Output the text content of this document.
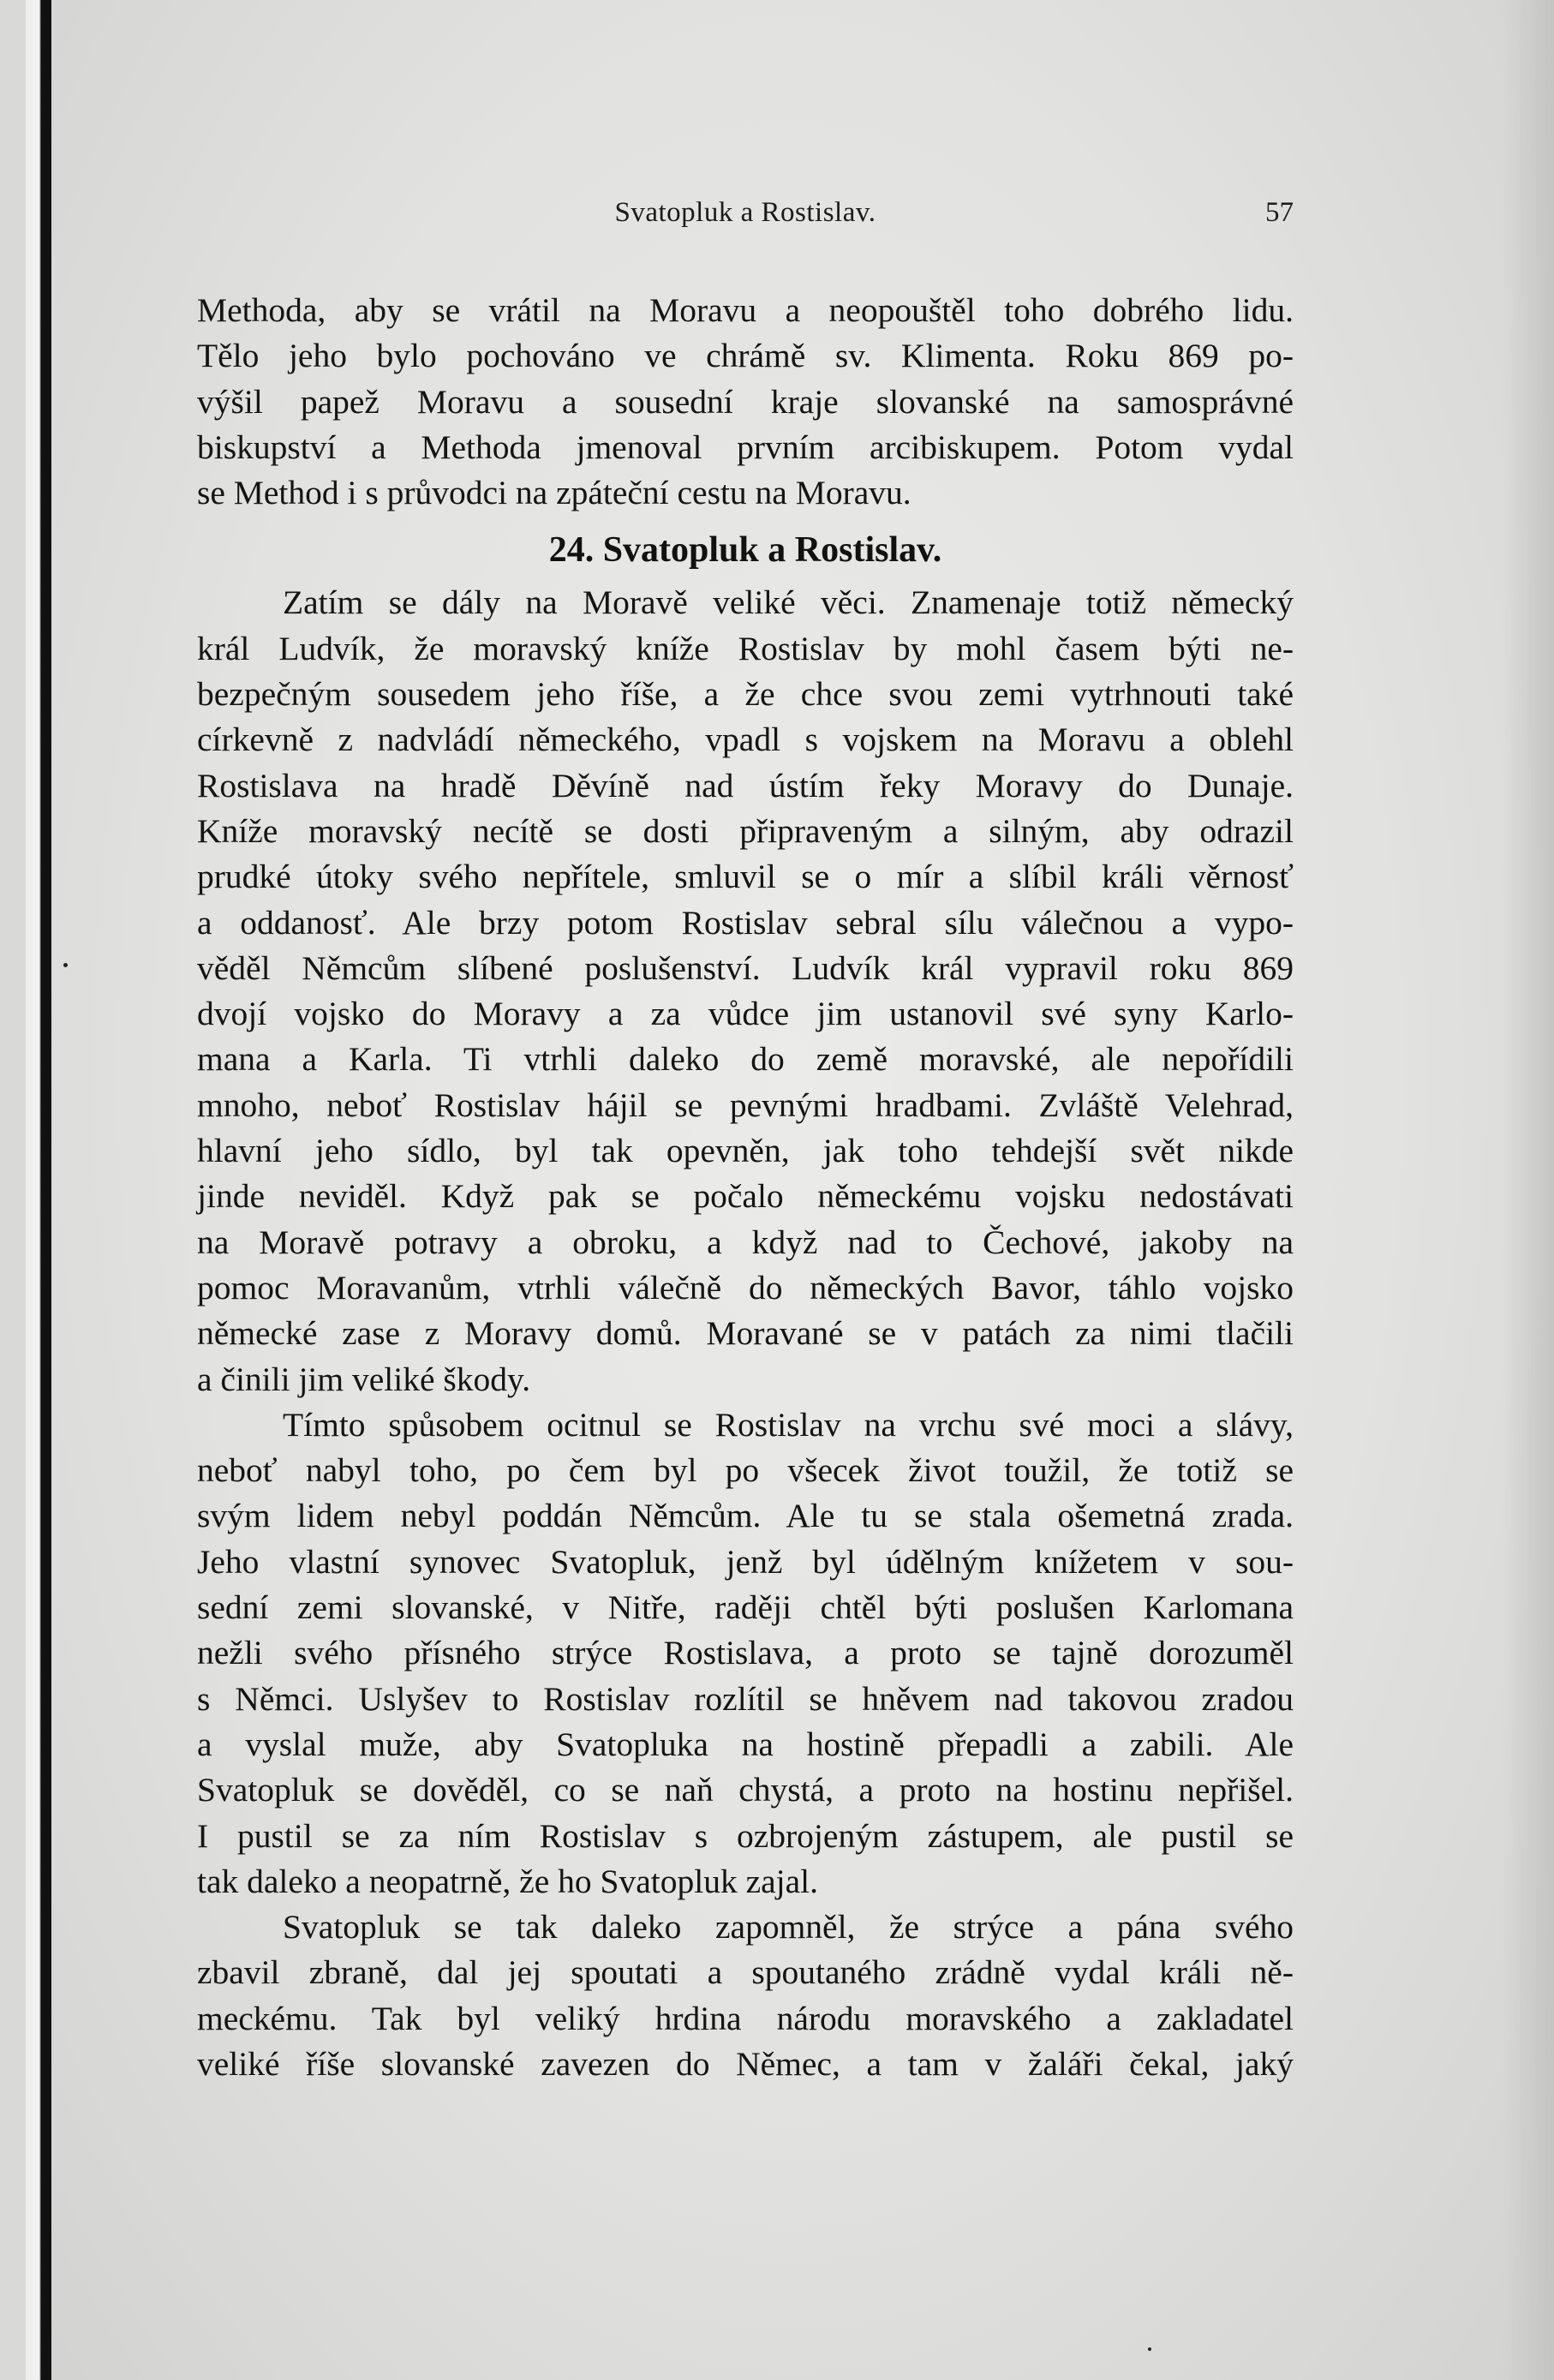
Svatopluk a Rostislav.	57
Methoda, aby se vrátil na Moravu a neopouštěl toho dobrého lidu.
Tělo jeho bylo pochováno ve chrámě sv. Klimenta. Roku 869 po-
výšil papež Moravu a sousední kraje slovanské na samosprávné
biskupství a Methoda jmenoval prvním arcibiskupem. Potom vydal
se Method i s průvodci na zpáteční cestu na Moravu.
24. Svatopluk a Rostislav.
Zatím se dály na Moravě veliké věci. Znamenaje totiž německý
král Ludvík, že moravský kníže Rostislav by mohl časem býti ne-
bezpečným sousedem jeho říše, a že chce svou zemi vytrhnouti také
církevně z nadvládí německého, vpadl s vojskem na Moravu a oblehl
Rostislava na hradě Děvíně nad ústím řeky Moravy do Dunaje.
Kníže moravský necítě se dosti připraveným a silným, aby odrazil
prudké útoky svého nepřítele, smluvil se o mír a slíbil králi věrnosť
a oddanosť. Ale brzy potom Rostislav sebral sílu válečnou a vypo-
věděl Němcům slíbené poslušenství. Ludvík král vypravil roku 869
dvojí vojsko do Moravy a za vůdce jim ustanovil své syny Karlo-
mana a Karla. Ti vtrhli daleko do země moravské, ale nepořídili
mnoho, neboť Rostislav hájil se pevnými hradbami. Zvláště Velehrad,
hlavní jeho sídlo, byl tak opevněn, jak toho tehdejší svět nikde
jinde neviděl. Když pak se počalo německému vojsku nedostávati
na Moravě potravy a obroku, a když nad to Čechové, jakoby na
pomoc Moravanům, vtrhli válečně do německých Bavor, táhlo vojsko
německé zase z Moravy domů. Moravané se v patách za nimi tlačili
a činili jim veliké škody.
Tímto spůsobem ocitnul se Rostislav na vrchu své moci a slávy,
neboť nabyl toho, po čem byl po všecek život toužil, že totiž se
svým lidem nebyl poddán Němcům. Ale tu se stala ošemetná zrada.
Jeho vlastní synovec Svatopluk, jenž byl údělným knížetem v sou-
sední zemi slovanské, v Nitře, raději chtěl býti poslušen Karlomana
nežli svého přísného strýce Rostislava, a proto se tajně dorozuměl
s Němci. Uslyšev to Rostislav rozlítil se hněvem nad takovou zradou
a vyslal muže, aby Svatopluka na hostině přepadli a zabili. Ale
Svatopluk se dověděl, co se naň chystá, a proto na hostinu nepřišel.
I pustil se za ním Rostislav s ozbrojeným zástupem, ale pustil se
tak daleko a neopatrně, že ho Svatopluk zajal.
Svatopluk se tak daleko zapomněl, že strýce a pána svého
zbavil zbraně, dal jej spoutati a spoutaného zrádně vydal králi ně-
meckému. Tak byl veliký hrdina národu moravského a zakladatel
veliké říše slovanské zavezen do Němec, a tam v žaláři čekal, jaký
